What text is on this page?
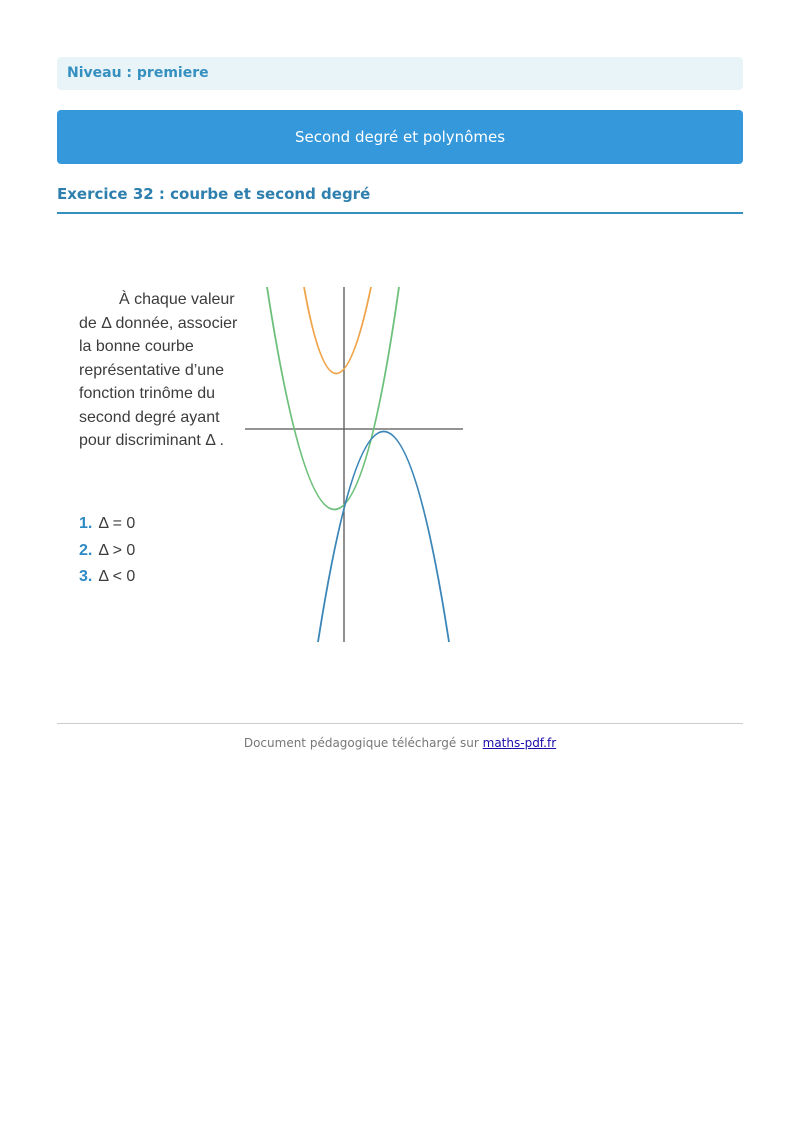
Niveau : premiere
Second degré et polynômes
Exercice 32 : courbe et second degré
À chaque valeur de Δ donnée, associer la bonne courbe représentative d’une fonction trinôme du second degré ayant pour discriminant Δ .
1. Δ = 0
2. Δ > 0
3. Δ < 0
Document pédagogique téléchargé sur maths-pdf.fr
